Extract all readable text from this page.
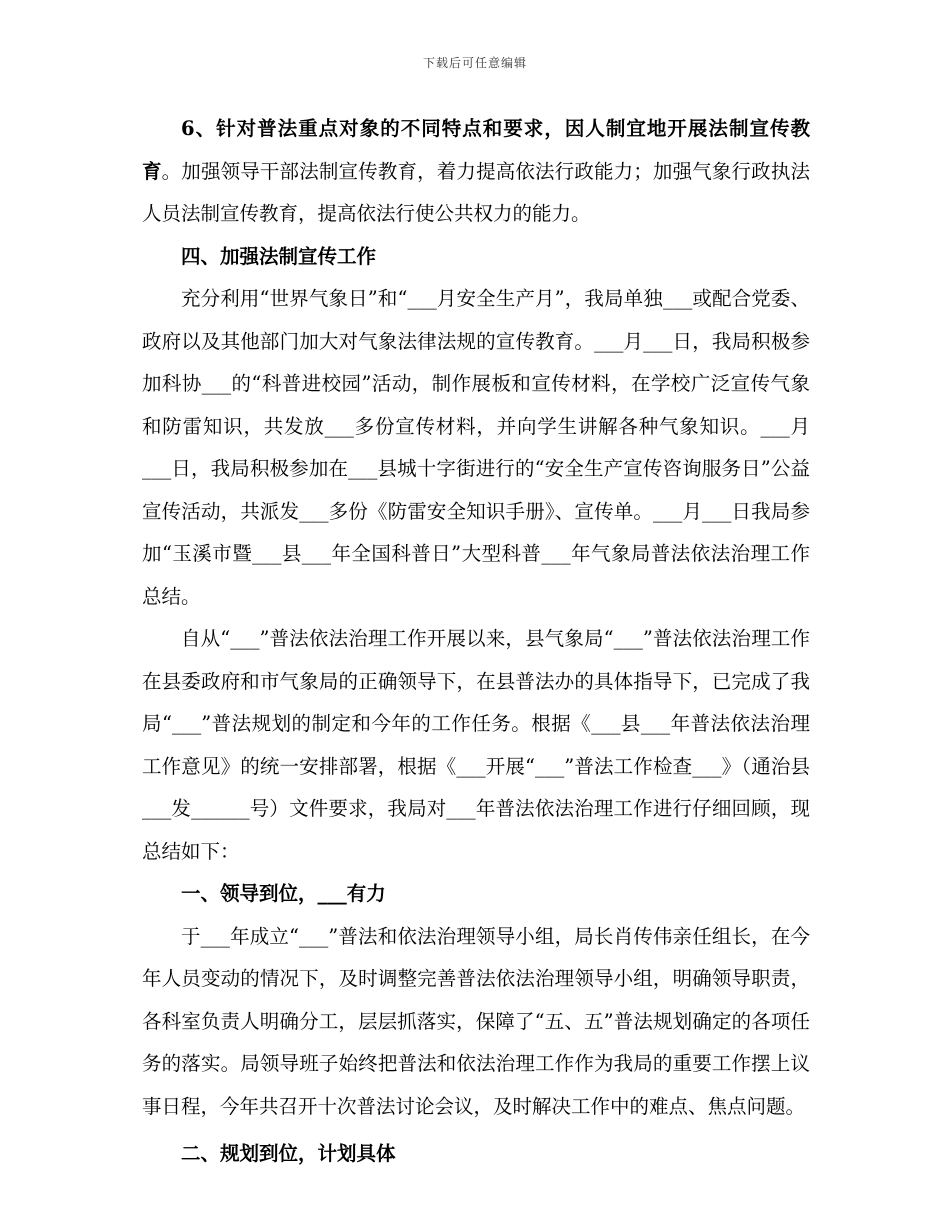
下载后可任意编辑

6、针对普法重点对象的不同特点和要求，因人制宜地开展法制宣传教育。加强领导干部法制宣传教育，着力提高依法行政能力；加强气象行政执法人员法制宣传教育，提高依法行使公共权力的能力。

四、加强法制宣传工作

充分利用“世界气象日”和“___月安全生产月”，我局单独___或配合党委、政府以及其他部门加大对气象法律法规的宣传教育。___月___日，我局积极参加科协___的“科普进校园”活动，制作展板和宣传材料，在学校广泛宣传气象和防雷知识，共发放___多份宣传材料，并向学生讲解各种气象知识。___月___日，我局积极参加在___县城十字街进行的“安全生产宣传咨询服务日”公益宣传活动，共派发___多份《防雷安全知识手册》、宣传单。___月___日我局参加“玉溪市暨___县___年全国科普日”大型科普___年气象局普法依法治理工作总结。

自从“___”普法依法治理工作开展以来，县气象局“___”普法依法治理工作在县委政府和市气象局的正确领导下，在县普法办的具体指导下，已完成了我局“___”普法规划的制定和今年的工作任务。根据《___县___年普法依法治理工作意见》的统一安排部署，根据《___开展“___”普法工作检查___》（通治县___发______号）文件要求，我局对___年普法依法治理工作进行仔细回顾，现总结如下：

一、领导到位，___有力

于___年成立“___”普法和依法治理领导小组，局长肖传伟亲任组长，在今年人员变动的情况下，及时调整完善普法依法治理领导小组，明确领导职责，各科室负责人明确分工，层层抓落实，保障了“五、五”普法规划确定的各项任务的落实。局领导班子始终把普法和依法治理工作作为我局的重要工作摆上议事日程，今年共召开十次普法讨论会议，及时解决工作中的难点、焦点问题。

二、规划到位，计划具体
